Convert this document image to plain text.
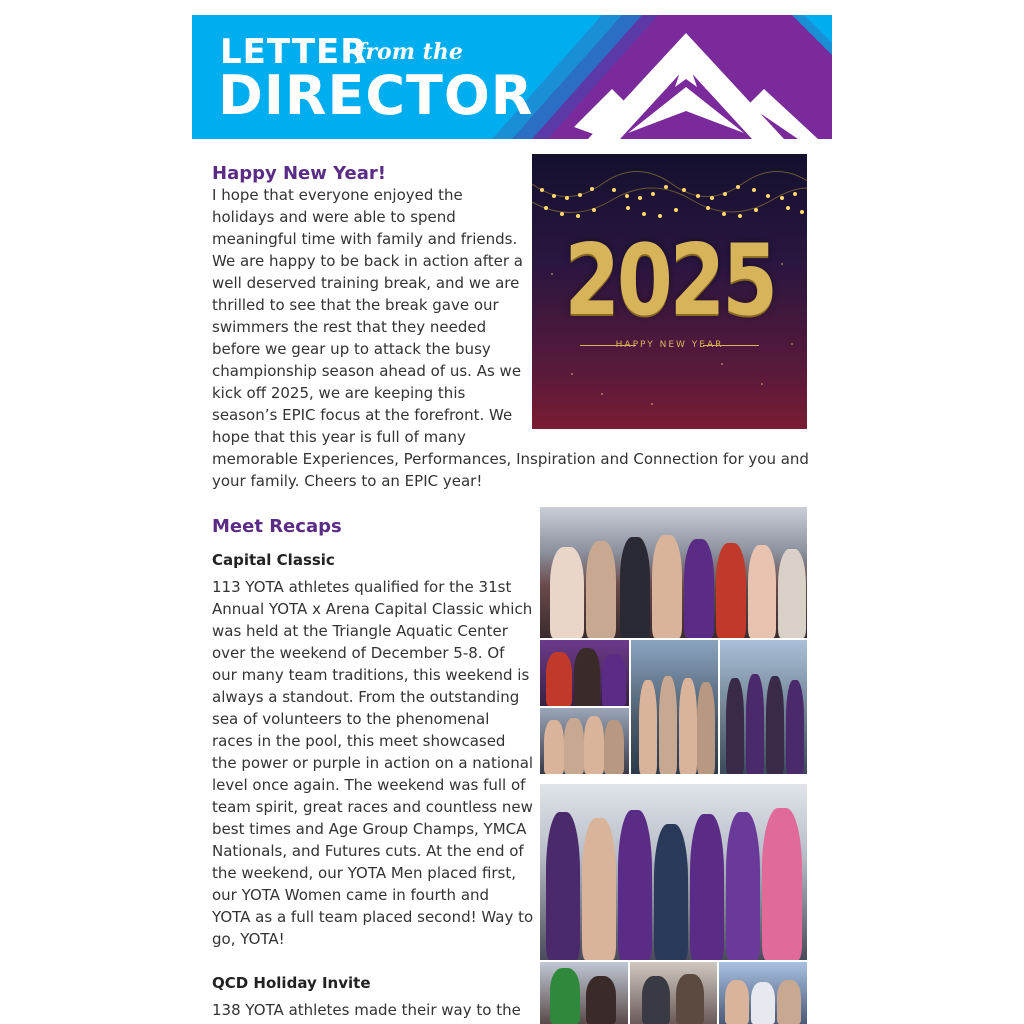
LETTER
from the
DIRECTOR
Happy New Year!
2025
HAPPY NEW YEAR

I hope that everyone enjoyed the
holidays and were able to spend
meaningful time with family and friends.
We are happy to be back in action after a
well deserved training break, and we are
thrilled to see that the break gave our
swimmers the rest that they needed
before we gear up to attack the busy
championship season ahead of us. As we
kick off 2025, we are keeping this
season’s EPIC focus at the forefront. We
hope that this year is full of many
memorable Experiences, Performances, Inspiration and Connection for you and
your family. Cheers to an EPIC year!

Meet Recaps
Capital Classic

113 YOTA athletes qualified for the 31st
Annual YOTA x Arena Capital Classic which
was held at the Triangle Aquatic Center
over the weekend of December 5-8. Of
our many team traditions, this weekend is
always a standout. From the outstanding
sea of volunteers to the phenomenal
races in the pool, this meet showcased
the power or purple in action on a national
level once again. The weekend was full of
team spirit, great races and countless new
best times and Age Group Champs, YMCA
Nationals, and Futures cuts. At the end of
the weekend, our YOTA Men placed first,
our YOTA Women came in fourth and
YOTA as a full team placed second! Way to
go, YOTA!

QCD Holiday Invite

138 YOTA athletes made their way to the
